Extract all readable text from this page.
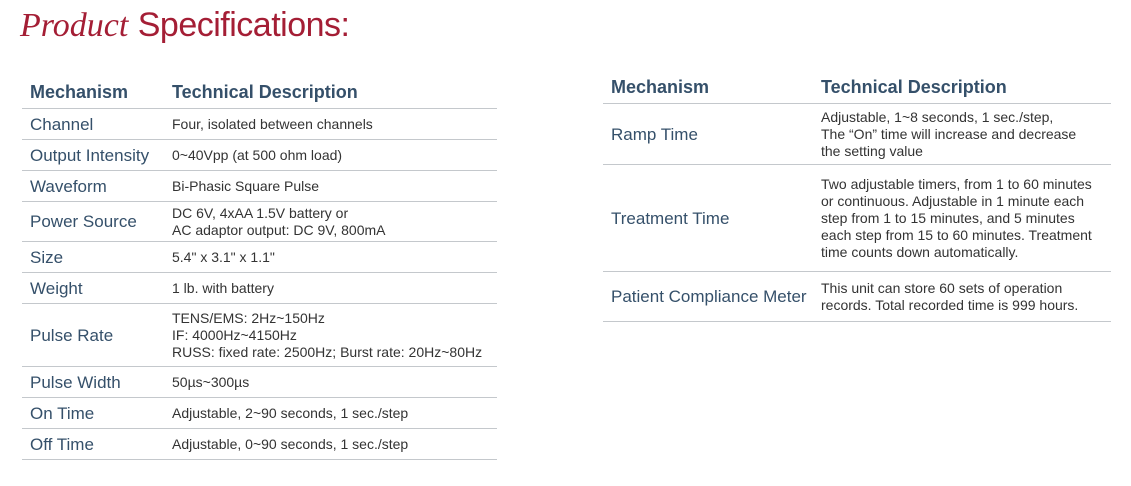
Product Specifications:
Mechanism	Technical Description
Channel	Four, isolated between channels

Output Intensity	0~40Vpp (at 500 ohm load)

Waveform	Bi-Phasic Square Pulse

Power Source	DC 6V, 4xAA 1.5V battery or
AC adaptor output: DC 9V, 800mA

Size	5.4" x 3.1" x 1.1"

Weight	1 lb. with battery

Pulse Rate	TENS/EMS: 2Hz~150Hz
IF: 4000Hz~4150Hz
RUSS: fixed rate: 2500Hz; Burst rate: 20Hz~80Hz

Pulse Width	50µs~300µs

On Time	Adjustable, 2~90 seconds, 1 sec./step

Off Time	Adjustable, 0~90 seconds, 1 sec./step
Mechanism	Technical Description
Ramp Time	Adjustable, 1~8 seconds, 1 sec./step,
The “On” time will increase and decrease
the setting value

Treatment Time	Two adjustable timers, from 1 to 60 minutes
or continuous. Adjustable in 1 minute each
step from 1 to 15 minutes, and 5 minutes
each step from 15 to 60 minutes. Treatment
time counts down automatically.

Patient Compliance Meter	This unit can store 60 sets of operation
records. Total recorded time is 999 hours.
